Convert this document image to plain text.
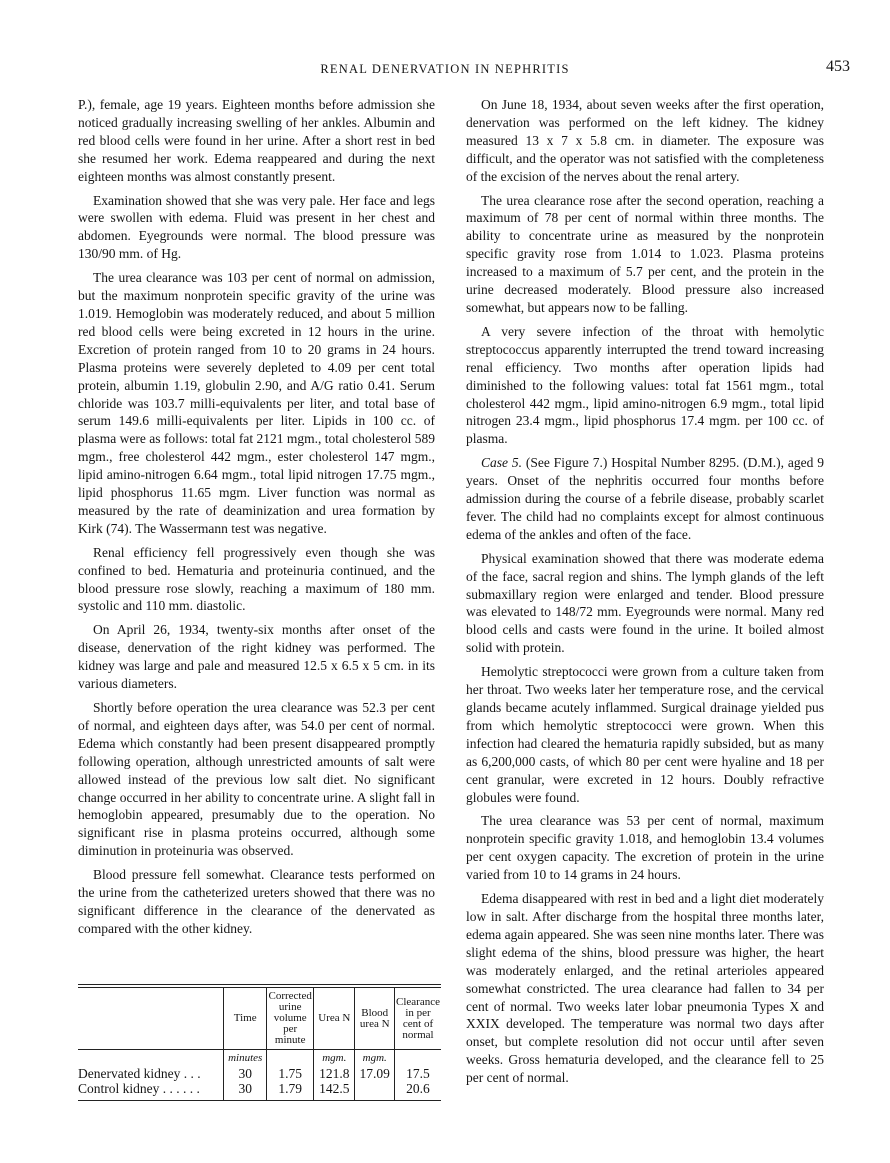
RENAL DENERVATION IN NEPHRITIS	453

P.), female, age 19 years. Eighteen months before admission she noticed gradually increasing swelling of her ankles. Albumin and red blood cells were found in her urine. After a short rest in bed she resumed her work. Edema reappeared and during the next eighteen months was almost constantly present.

Examination showed that she was very pale. Her face and legs were swollen with edema. Fluid was present in her chest and abdomen. Eyegrounds were normal. The blood pressure was 130/90 mm. of Hg.

The urea clearance was 103 per cent of normal on admission, but the maximum nonprotein specific gravity of the urine was 1.019. Hemoglobin was moderately reduced, and about 5 million red blood cells were being excreted in 12 hours in the urine. Excretion of protein ranged from 10 to 20 grams in 24 hours. Plasma proteins were severely depleted to 4.09 per cent total protein, albumin 1.19, globulin 2.90, and A/G ratio 0.41. Serum chloride was 103.7 milli-equivalents per liter, and total base of serum 149.6 milli-equivalents per liter. Lipids in 100 cc. of plasma were as follows: total fat 2121 mgm., total cholesterol 589 mgm., free cholesterol 442 mgm., ester cholesterol 147 mgm., lipid amino-nitrogen 6.64 mgm., total lipid nitrogen 17.75 mgm., lipid phosphorus 11.65 mgm. Liver function was normal as measured by the rate of deaminization and urea formation by Kirk (74). The Wassermann test was negative.

Renal efficiency fell progressively even though she was confined to bed. Hematuria and proteinuria continued, and the blood pressure rose slowly, reaching a maximum of 180 mm. systolic and 110 mm. diastolic.

On April 26, 1934, twenty-six months after onset of the disease, denervation of the right kidney was performed. The kidney was large and pale and measured 12.5 x 6.5 x 5 cm. in its various diameters.

Shortly before operation the urea clearance was 52.3 per cent of normal, and eighteen days after, was 54.0 per cent of normal. Edema which constantly had been present disappeared promptly following operation, although unrestricted amounts of salt were allowed instead of the previous low salt diet. No significant change occurred in her ability to concentrate urine. A slight fall in hemoglobin appeared, presumably due to the operation. No significant rise in plasma proteins occurred, although some diminution in proteinuria was observed.

Blood pressure fell somewhat. Clearance tests performed on the urine from the catheterized ureters showed that there was no significant difference in the clearance of the denervated as compared with the other kidney.

	Time	Corrected urine volume per minute	Urea N	Blood urea N	Clearance in per cent of normal
	minutes		mgm.	mgm.	
Denervated kidney . . .	30	1.75	121.8	17.09	17.5
Control kidney . . . . . .	30	1.79	142.5		20.6

On June 18, 1934, about seven weeks after the first operation, denervation was performed on the left kidney. The kidney measured 13 x 7 x 5.8 cm. in diameter. The exposure was difficult, and the operator was not satisfied with the completeness of the excision of the nerves about the renal artery.

The urea clearance rose after the second operation, reaching a maximum of 78 per cent of normal within three months. The ability to concentrate urine as measured by the nonprotein specific gravity rose from 1.014 to 1.023. Plasma proteins increased to a maximum of 5.7 per cent, and the protein in the urine decreased moderately. Blood pressure also increased somewhat, but appears now to be falling.

A very severe infection of the throat with hemolytic streptococcus apparently interrupted the trend toward increasing renal efficiency. Two months after operation lipids had diminished to the following values: total fat 1561 mgm., total cholesterol 442 mgm., lipid amino-nitrogen 6.9 mgm., total lipid nitrogen 23.4 mgm., lipid phosphorus 17.4 mgm. per 100 cc. of plasma.

Case 5. (See Figure 7.) Hospital Number 8295. (D.M.), aged 9 years. Onset of the nephritis occurred four months before admission during the course of a febrile disease, probably scarlet fever. The child had no complaints except for almost continuous edema of the ankles and often of the face.

Physical examination showed that there was moderate edema of the face, sacral region and shins. The lymph glands of the left submaxillary region were enlarged and tender. Blood pressure was elevated to 148/72 mm. Eyegrounds were normal. Many red blood cells and casts were found in the urine. It boiled almost solid with protein.

Hemolytic streptococci were grown from a culture taken from her throat. Two weeks later her temperature rose, and the cervical glands became acutely inflammed. Surgical drainage yielded pus from which hemolytic streptococci were grown. When this infection had cleared the hematuria rapidly subsided, but as many as 6,200,000 casts, of which 80 per cent were hyaline and 18 per cent granular, were excreted in 12 hours. Doubly refractive globules were found.

The urea clearance was 53 per cent of normal, maximum nonprotein specific gravity 1.018, and hemoglobin 13.4 volumes per cent oxygen capacity. The excretion of protein in the urine varied from 10 to 14 grams in 24 hours.

Edema disappeared with rest in bed and a light diet moderately low in salt. After discharge from the hospital three months later, edema again appeared. She was seen nine months later. There was slight edema of the shins, blood pressure was higher, the heart was moderately enlarged, and the retinal arterioles appeared somewhat constricted. The urea clearance had fallen to 34 per cent of normal. Two weeks later lobar pneumonia Types X and XXIX developed. The temperature was normal two days after onset, but complete resolution did not occur until after seven weeks. Gross hematuria developed, and the clearance fell to 25 per cent of normal.
